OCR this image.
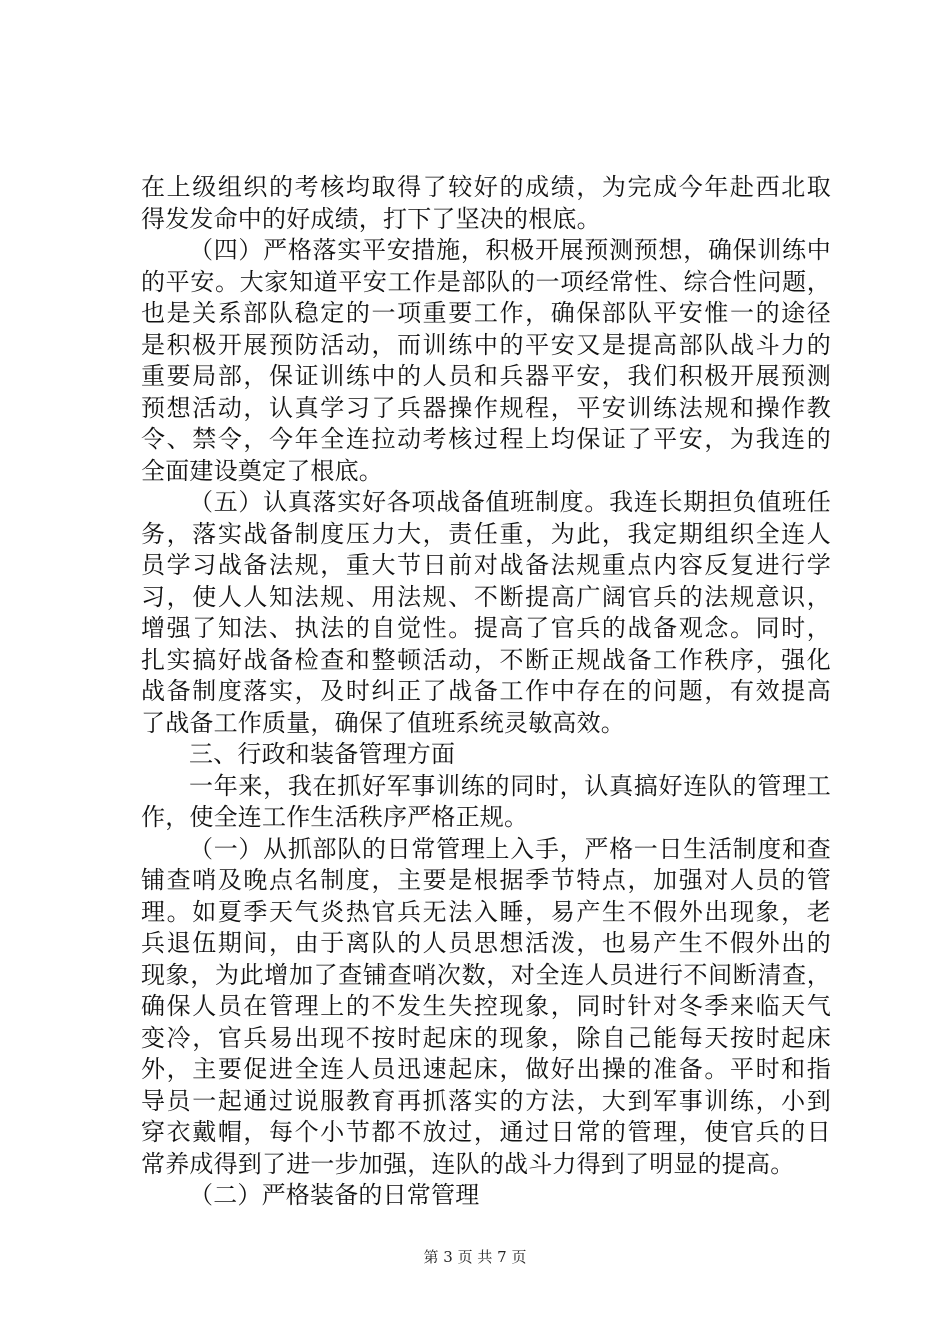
在上级组织的考核均取得了较好的成绩，为完成今年赴西北取
得发发命中的好成绩，打下了坚决的根底。
（四）严格落实平安措施，积极开展预测预想，确保训练中
的平安。大家知道平安工作是部队的一项经常性、综合性问题，
也是关系部队稳定的一项重要工作，确保部队平安惟一的途径
是积极开展预防活动，而训练中的平安又是提高部队战斗力的
重要局部，保证训练中的人员和兵器平安，我们积极开展预测
预想活动，认真学习了兵器操作规程，平安训练法规和操作教
令、禁令，今年全连拉动考核过程上均保证了平安，为我连的
全面建设奠定了根底。
（五）认真落实好各项战备值班制度。我连长期担负值班任
务，落实战备制度压力大，责任重，为此，我定期组织全连人
员学习战备法规，重大节日前对战备法规重点内容反复进行学
习，使人人知法规、用法规、不断提高广阔官兵的法规意识，
增强了知法、执法的自觉性。提高了官兵的战备观念。同时，
扎实搞好战备检查和整顿活动，不断正规战备工作秩序，强化
战备制度落实，及时纠正了战备工作中存在的问题，有效提高
了战备工作质量，确保了值班系统灵敏高效。
三、行政和装备管理方面
一年来，我在抓好军事训练的同时，认真搞好连队的管理工
作，使全连工作生活秩序严格正规。
（一）从抓部队的日常管理上入手，严格一日生活制度和查
铺查哨及晚点名制度，主要是根据季节特点，加强对人员的管
理。如夏季天气炎热官兵无法入睡，易产生不假外出现象，老
兵退伍期间，由于离队的人员思想活泼，也易产生不假外出的
现象，为此增加了查铺查哨次数，对全连人员进行不间断清查，
确保人员在管理上的不发生失控现象，同时针对冬季来临天气
变冷，官兵易出现不按时起床的现象，除自己能每天按时起床
外，主要促进全连人员迅速起床，做好出操的准备。平时和指
导员一起通过说服教育再抓落实的方法，大到军事训练，小到
穿衣戴帽，每个小节都不放过，通过日常的管理，使官兵的日
常养成得到了进一步加强，连队的战斗力得到了明显的提高。
（二）严格装备的日常管理
第 3 页 共 7 页
